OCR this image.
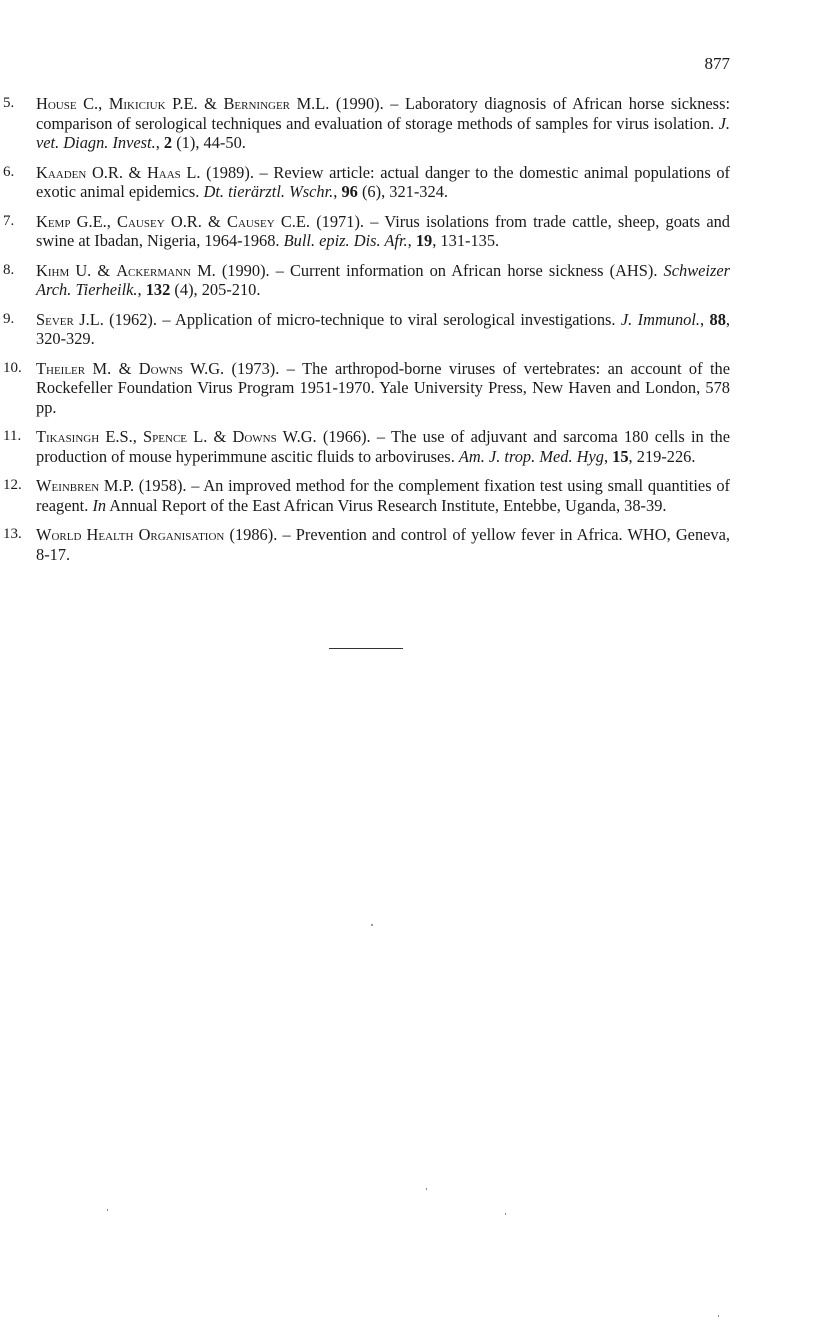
877
5.	House C., Mikiciuk P.E. & Berninger M.L. (1990). – Laboratory diagnosis of African horse sickness: comparison of serological techniques and evaluation of storage methods of samples for virus isolation. J. vet. Diagn. Invest., 2 (1), 44-50.
6.	Kaaden O.R. & Haas L. (1989). – Review article: actual danger to the domestic animal populations of exotic animal epidemics. Dt. tierärztl. Wschr., 96 (6), 321-324.
7.	Kemp G.E., Causey O.R. & Causey C.E. (1971). – Virus isolations from trade cattle, sheep, goats and swine at Ibadan, Nigeria, 1964-1968. Bull. epiz. Dis. Afr., 19, 131-135.
8.	Kihm U. & Ackermann M. (1990). – Current information on African horse sickness (AHS). Schweizer Arch. Tierheilk., 132 (4), 205-210.
9.	Sever J.L. (1962). – Application of micro-technique to viral serological investigations. J. Immunol., 88, 320-329.
10. Theiler M. & Downs W.G. (1973). – The arthropod-borne viruses of vertebrates: an account of the Rockefeller Foundation Virus Program 1951-1970. Yale University Press, New Haven and London, 578 pp.
11. Tikasingh E.S., Spence L. & Downs W.G. (1966). – The use of adjuvant and sarcoma 180 cells in the production of mouse hyperimmune ascitic fluids to arboviruses. Am. J. trop. Med. Hyg, 15, 219-226.
12. Weinbren M.P. (1958). – An improved method for the complement fixation test using small quantities of reagent. In Annual Report of the East African Virus Research Institute, Entebbe, Uganda, 38-39.
13. World Health Organisation (1986). – Prevention and control of yellow fever in Africa. WHO, Geneva, 8-17.
